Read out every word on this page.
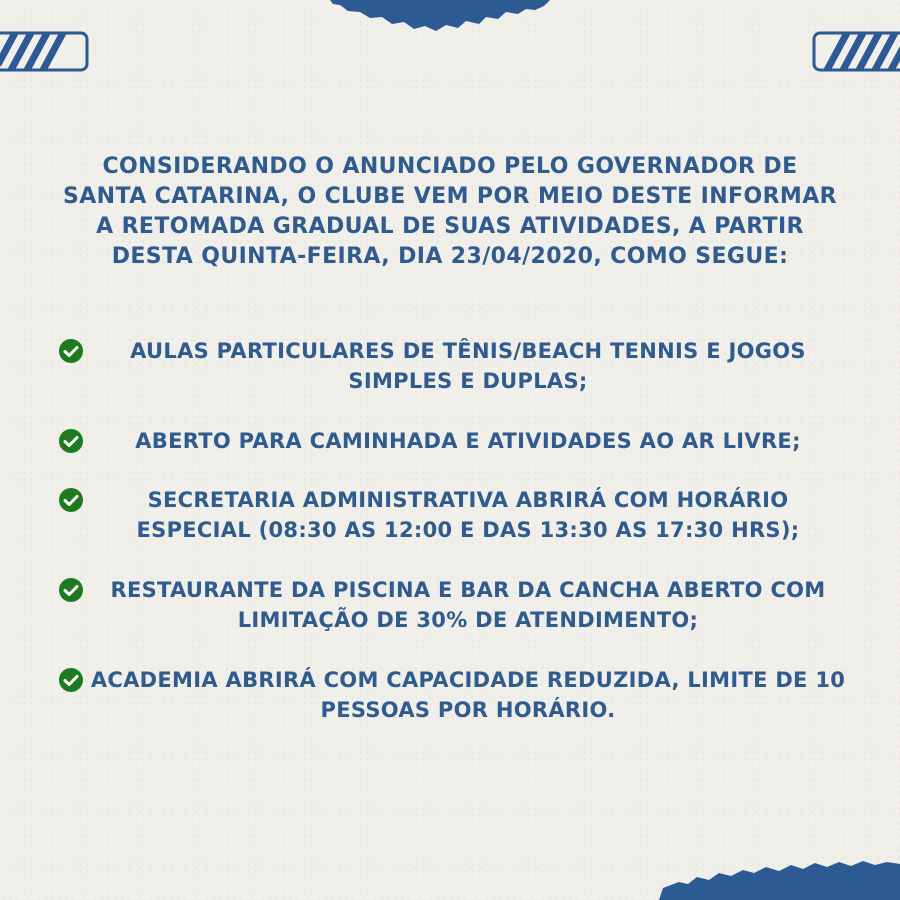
CONSIDERANDO O ANUNCIADO PELO GOVERNADOR DE SANTA CATARINA, O CLUBE VEM POR MEIO DESTE INFORMAR A RETOMADA GRADUAL DE SUAS ATIVIDADES, A PARTIR DESTA QUINTA-FEIRA, DIA 23/04/2020, COMO SEGUE:

AULAS PARTICULARES DE TÊNIS/BEACH TENNIS E JOGOS SIMPLES E DUPLAS;
ABERTO PARA CAMINHADA E ATIVIDADES AO AR LIVRE;
SECRETARIA ADMINISTRATIVA ABRIRÁ COM HORÁRIO ESPECIAL (08:30 AS 12:00 E DAS 13:30 AS 17:30 HRS);
RESTAURANTE DA PISCINA E BAR DA CANCHA ABERTO COM LIMITAÇÃO DE 30% DE ATENDIMENTO;
ACADEMIA ABRIRÁ COM CAPACIDADE REDUZIDA, LIMITE DE 10 PESSOAS POR HORÁRIO.
